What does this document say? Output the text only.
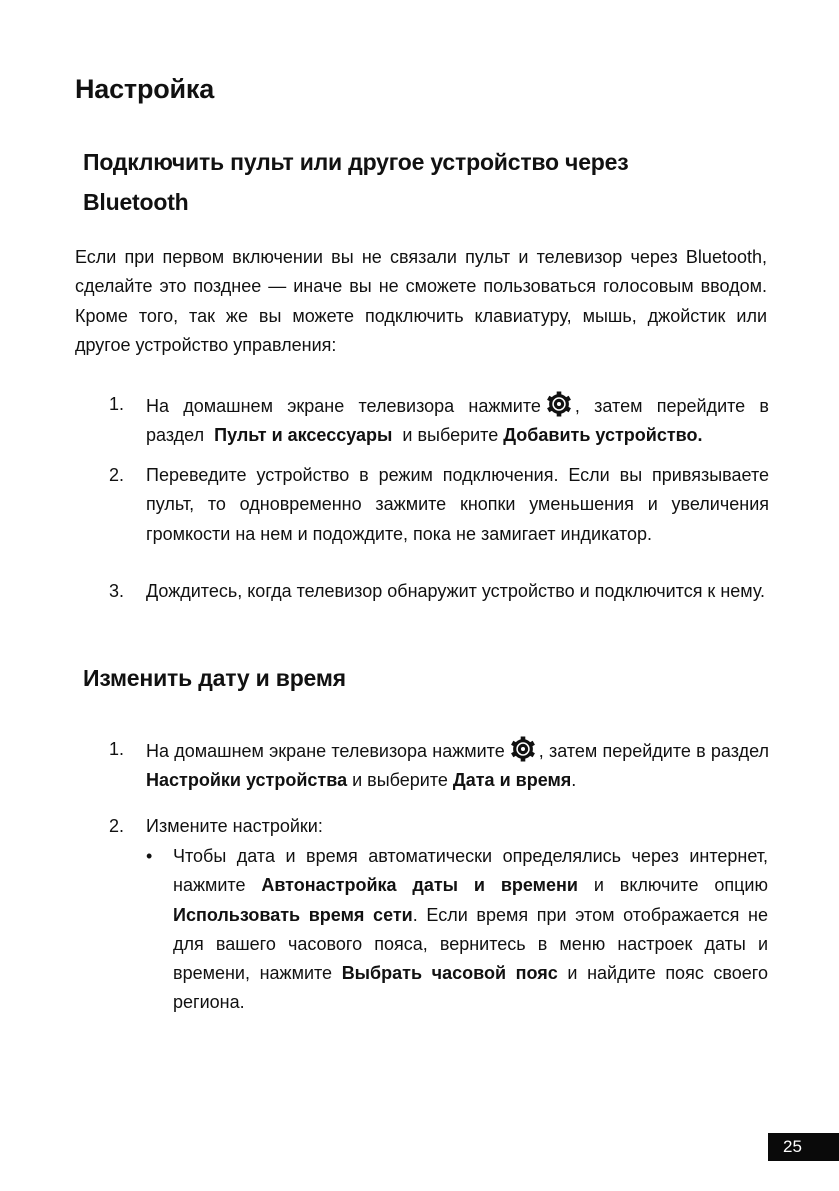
Настройка
Подключить пульт или другое устройство через Bluetooth
Если при первом включении вы не связали пульт и телевизор через Bluetooth, сделайте это позднее — иначе вы не сможете пользоваться голосовым вводом. Кроме того, так же вы можете подключить клавиатуру, мышь, джойстик или другое устройство управления:
1. На домашнем экране телевизора нажмите , затем перейдите в раздел Пульт и аксессуары и выберите Добавить устройство.
2. Переведите устройство в режим подключения. Если вы привязываете пульт, то одновременно зажмите кнопки уменьшения и увеличения громкости на нем и подождите, пока не замигает индикатор.
3. Дождитесь, когда телевизор обнаружит устройство и подключится к нему.
Изменить дату и время
1. На домашнем экране телевизора нажмите , затем перейдите в раздел Настройки устройства и выберите Дата и время.
2. Измените настройки:
• Чтобы дата и время автоматически определялись через интернет, нажмите Автонастройка даты и времени и включите опцию Использовать время сети. Если время при этом отображается не для вашего часового пояса, вернитесь в меню настроек даты и времени, нажмите Выбрать часовой пояс и найдите пояс своего региона.
25
